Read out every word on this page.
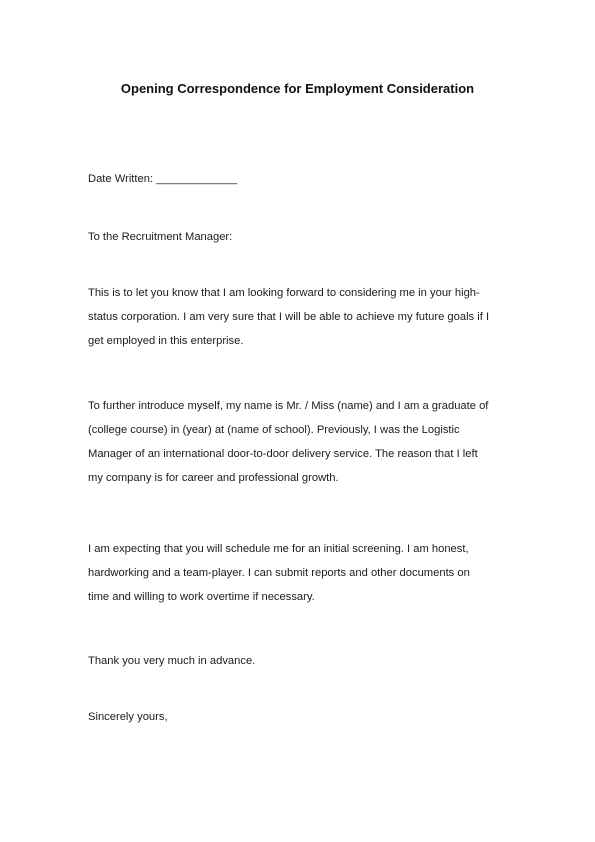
Opening Correspondence for Employment Consideration
Date Written: _____________
To the Recruitment Manager:
This is to let you know that I am looking forward to considering me in your high-
status corporation. I am very sure that I will be able to achieve my future goals if I
get employed in this enterprise.
To further introduce myself, my name is Mr. / Miss (name) and I am a graduate of
(college course) in (year) at (name of school). Previously, I was the Logistic
Manager of an international door-to-door delivery service. The reason that I left
my company is for career and professional growth.
I am expecting that you will schedule me for an initial screening. I am honest,
hardworking and a team-player. I can submit reports and other documents on
time and willing to work overtime if necessary.
Thank you very much in advance.
Sincerely yours,
